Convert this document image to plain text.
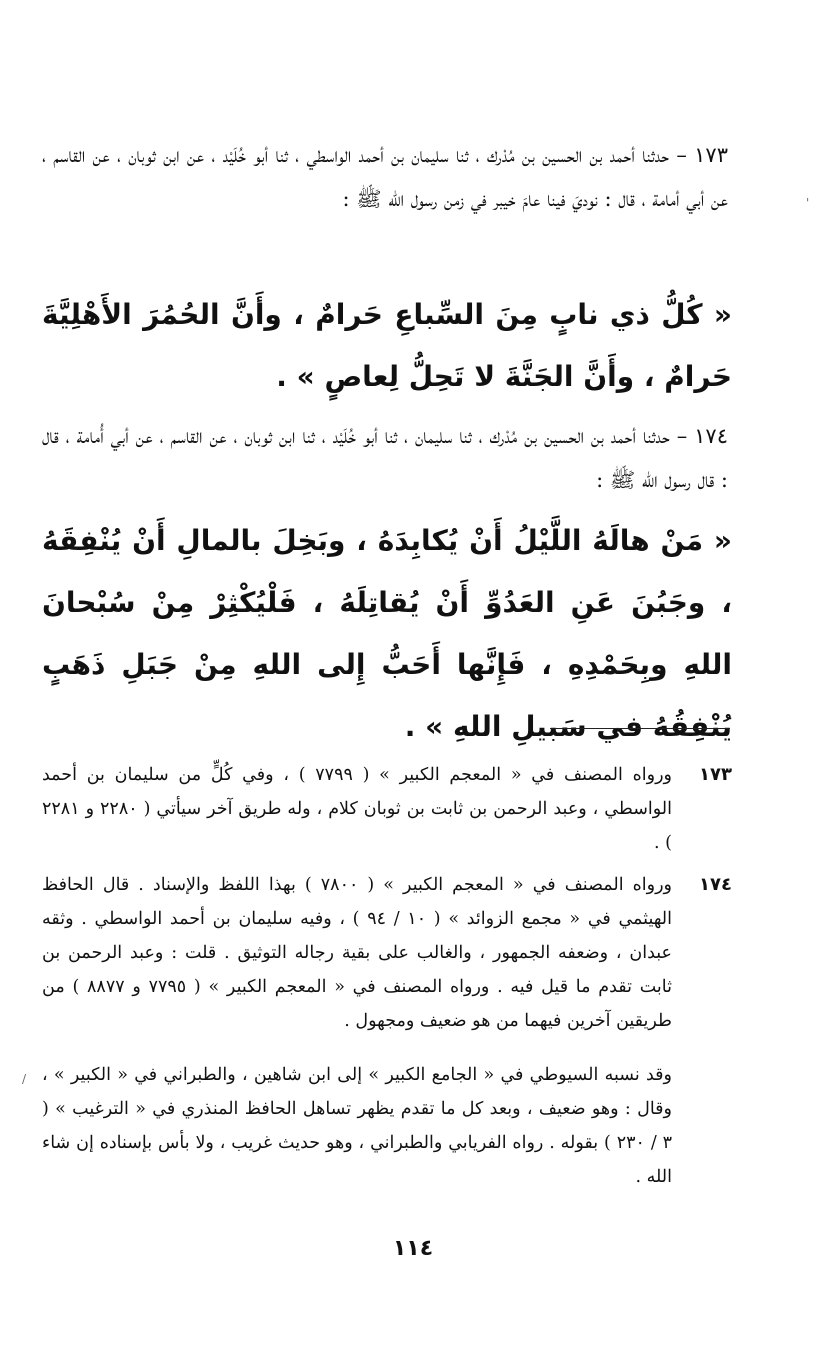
١٧٣ – حدثنا أحمد بن الحسين بن مُدْرك ، ثنا سليمان بن أحمد الواسطي ، ثنا أبو خُلَيْد ، عن ابن ثوبان ، عن القاسم ، عن أبي أمامة ، قال : نوديَ فينا عامَ خيبر في زمن رسول الله ﷺ :
« كُلُّ ذي نابٍ مِنَ السِّباعِ حَرامٌ ، وأَنَّ الحُمُرَ الأَهْلِيَّةَ حَرامٌ ، وأَنَّ الجَنَّةَ لا تَحِلُّ لِعاصٍ » .
١٧٤ – حدثنا أحمد بن الحسين بن مُدْرك ، ثنا سليمان ، ثنا أبو خُلَيْد ، ثنا ابن ثوبان ، عن القاسم ، عن أبي أُمامة ، قال : قال رسول الله ﷺ :
« مَنْ هالَهُ اللَّيْلُ أَنْ يُكابِدَهُ ، وبَخِلَ بالمالِ أَنْ يُنْفِقَهُ ، وجَبُنَ عَنِ العَدُوِّ أَنْ يُقاتِلَهُ ، فَلْيُكْثِرْ مِنْ سُبْحانَ اللهِ وبِحَمْدِهِ ، فَإِنَّها أَحَبُّ إِلى اللهِ مِنْ جَبَلِ ذَهَبٍ يُنْفِقُهُ في سَبيلِ اللهِ » .
١٧٣
ورواه المصنف في « المعجم الكبير » ( ٧٧٩٩ ) ، وفي كُلٍّ من سليمان بن أحمد الواسطي ، وعبد الرحمن بن ثابت بن ثوبان كلام ، وله طريق آخر سيأتي ( ٢٢٨٠ و ٢٢٨١ ) .
١٧٤
ورواه المصنف في « المعجم الكبير » ( ٧٨٠٠ ) بهذا اللفظ والإسناد . قال الحافظ الهيثمي في « مجمع الزوائد » ( ١٠ / ٩٤ ) ، وفيه سليمان بن أحمد الواسطي . وثقه عبدان ، وضعفه الجمهور ، والغالب على بقية رجاله التوثيق . قلت : وعبد الرحمن بن ثابت تقدم ما قيل فيه . ورواه المصنف في « المعجم الكبير » ( ٧٧٩٥ و ٨٨٧٧ ) من طريقين آخرين فيهما من هو ضعيف ومجهول .
وقد نسبه السيوطي في « الجامع الكبير » إلى ابن شاهين ، والطبراني في « الكبير » ، وقال : وهو ضعيف ، وبعد كل ما تقدم يظهر تساهل الحافظ المنذري في « الترغيب » ( ٣ / ٢٣٠ ) بقوله . رواه الفريابي والطبراني ، وهو حديث غريب ، ولا بأس بإسناده إن شاء الله .
١١٤
'
/
